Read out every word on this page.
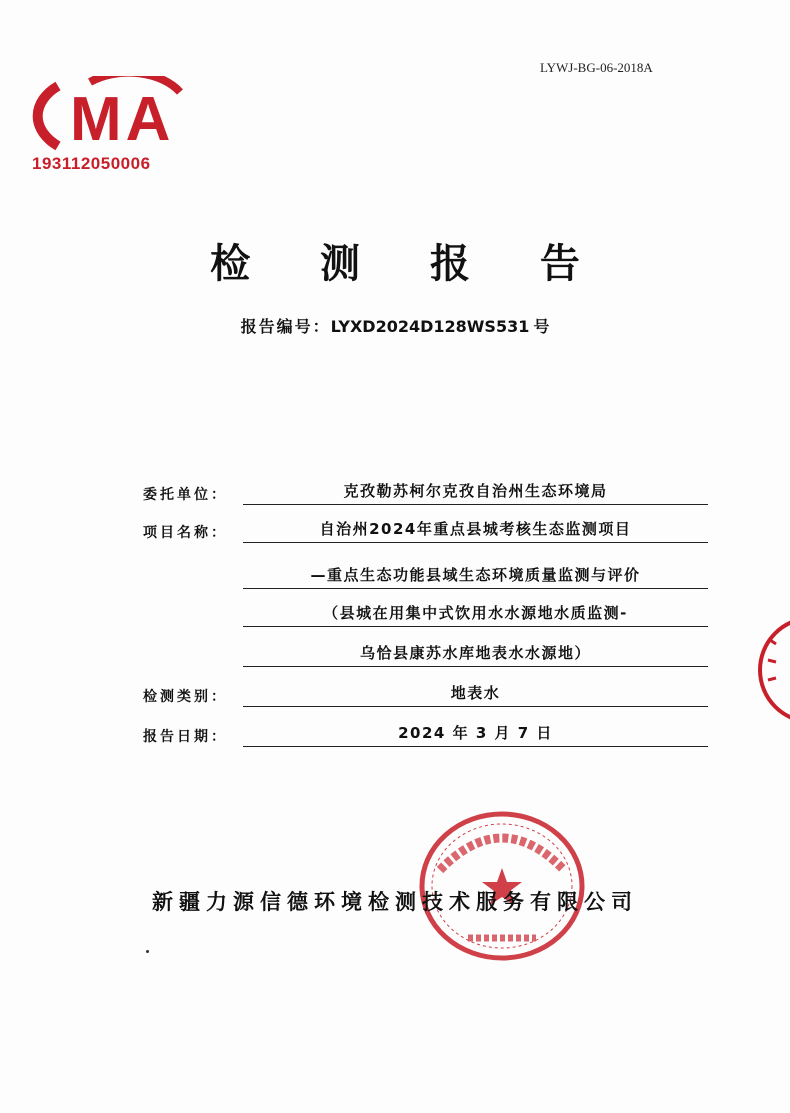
LYWJ-BG-06-2018A
MA
193112050006
检 测 报 告
报告编号：LYXD2024D128WS531 号
委托单位：	克孜勒苏柯尔克孜自治州生态环境局
项目名称：	自治州2024年重点县城考核生态监测项目
—重点生态功能县域生态环境质量监测与评价
（县城在用集中式饮用水水源地水质监测-
乌恰县康苏水库地表水水源地）
检测类别：	地表水
报告日期：	2024 年 3 月 7 日
新疆力源信德环境检测技术服务有限公司
